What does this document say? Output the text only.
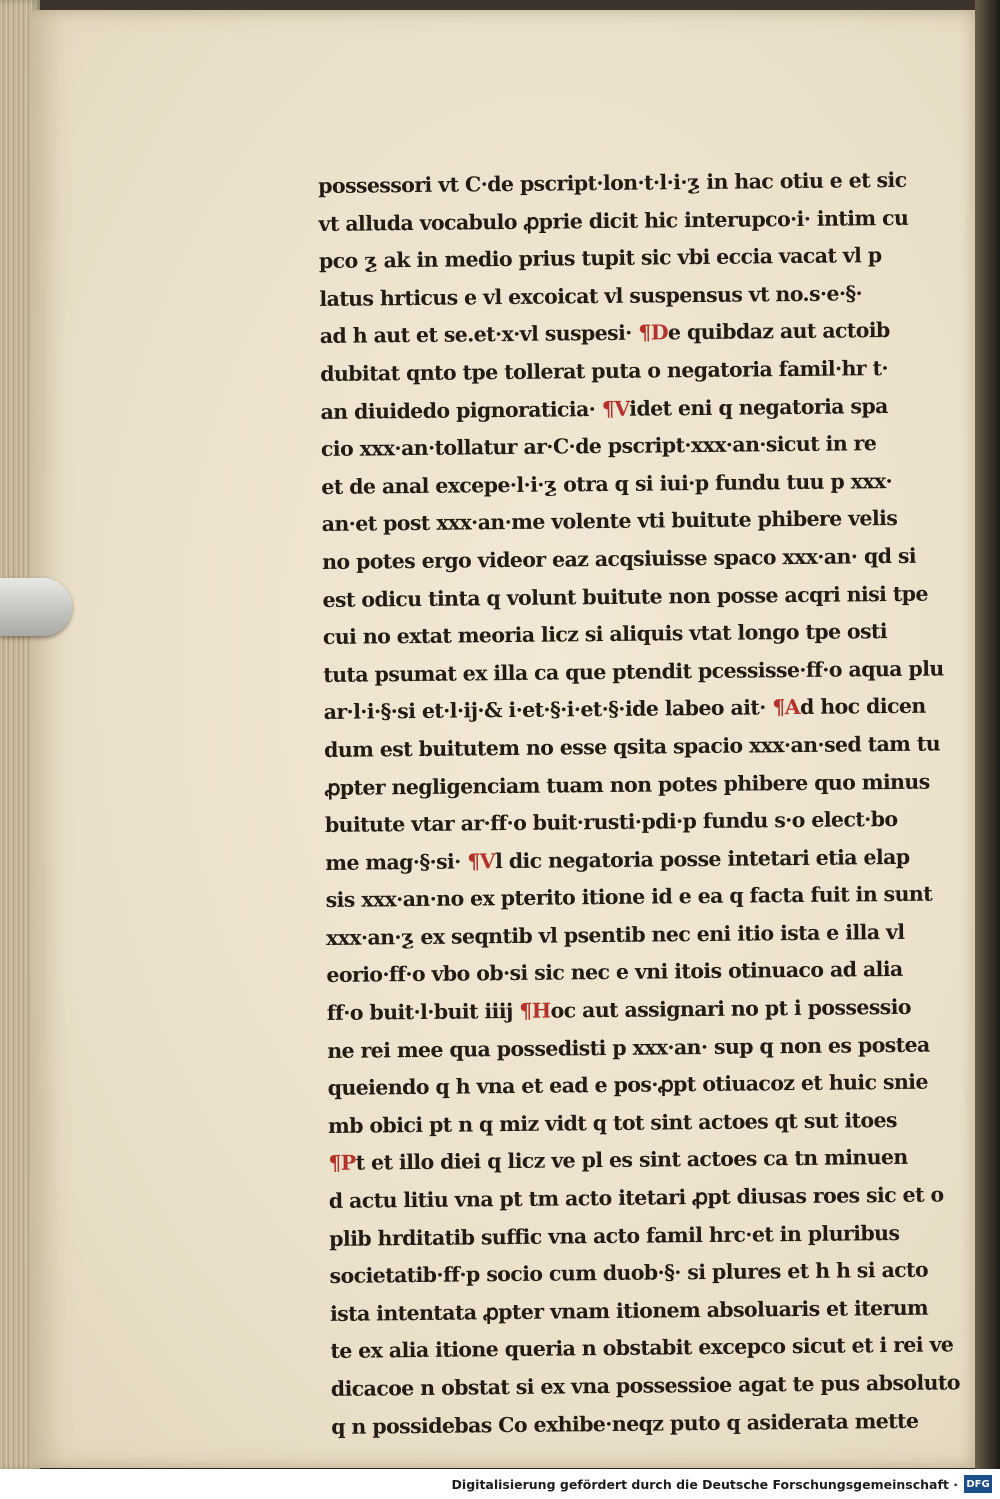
possessori vt C·de pscript·lon·t·l·i·ƺ in hac otiu e et sic
vt alluda vocabulo ꝓprie dicit hic interupco·i· intim cu
pco ƺ ak in medio prius tupit sic vbi eccia vacat vl p
latus hrticus e vl excoicat vl suspensus vt no.s·e·§·
ad h aut et se.et·x·vl suspesi· ¶De quibdaz aut actoib
dubitat qnto tpe tollerat puta o negatoria famil·hr t·
an diuidedo pignoraticia· ¶Videt eni q negatoria spa
cio xxx·an·tollatur ar·C·de pscript·xxx·an·sicut in re
et de anal excepe·l·i·ƺ otra q si iui·p fundu tuu p xxx·
an·et post xxx·an·me volente vti buitute phibere velis
no potes ergo videor eaz acqsiuisse spaco xxx·an· qd si
est odicu tinta q volunt buitute non posse acqri nisi tpe
cui no extat meoria licz si aliquis vtat longo tpe osti
tuta psumat ex illa ca que ptendit pcessisse·ff·o aqua plu
ar·l·i·§·si et·l·ij·& i·et·§·i·et·§·ide labeo ait· ¶Ad hoc dicen
dum est buitutem no esse qsita spacio xxx·an·sed tam tu
ꝓpter negligenciam tuam non potes phibere quo minus
buitute vtar ar·ff·o buit·rusti·pdi·p fundu s·o elect·bo
me mag·§·si· ¶Vl dic negatoria posse intetari etia elap
sis xxx·an·no ex pterito itione id e ea q facta fuit in sunt
xxx·an·ƺ ex seqntib vl psentib nec eni itio ista e illa vl
eorio·ff·o vbo ob·si sic nec e vni itois otinuaco ad alia
ff·o buit·l·buit iiij ¶Hoc aut assignari no pt i possessio
ne rei mee qua possedisti p xxx·an· sup q non es postea
queiendo q h vna et ead e pos·ꝓpt otiuacoz et huic snie
mb obici pt n q miz vidt q tot sint actoes qt sut itoes
¶Pt et illo diei q licz ve pl es sint actoes ca tn minuen
d actu litiu vna pt tm acto itetari ꝓpt diusas roes sic et o
plib hrditatib suffic vna acto famil hrc·et in pluribus
societatib·ff·p socio cum duob·§· si plures et h h si acto
ista intentata ꝓpter vnam itionem absoluaris et iterum
te ex alia itione queria n obstabit excepco sicut et i rei ve
dicacoe n obstat si ex vna possessioe agat te pus absoluto
q n possidebas Co exhibe·neqz puto q asiderata mette
Digitalisierung gefördert durch die Deutsche Forschungsgemeinschaft · DFG
